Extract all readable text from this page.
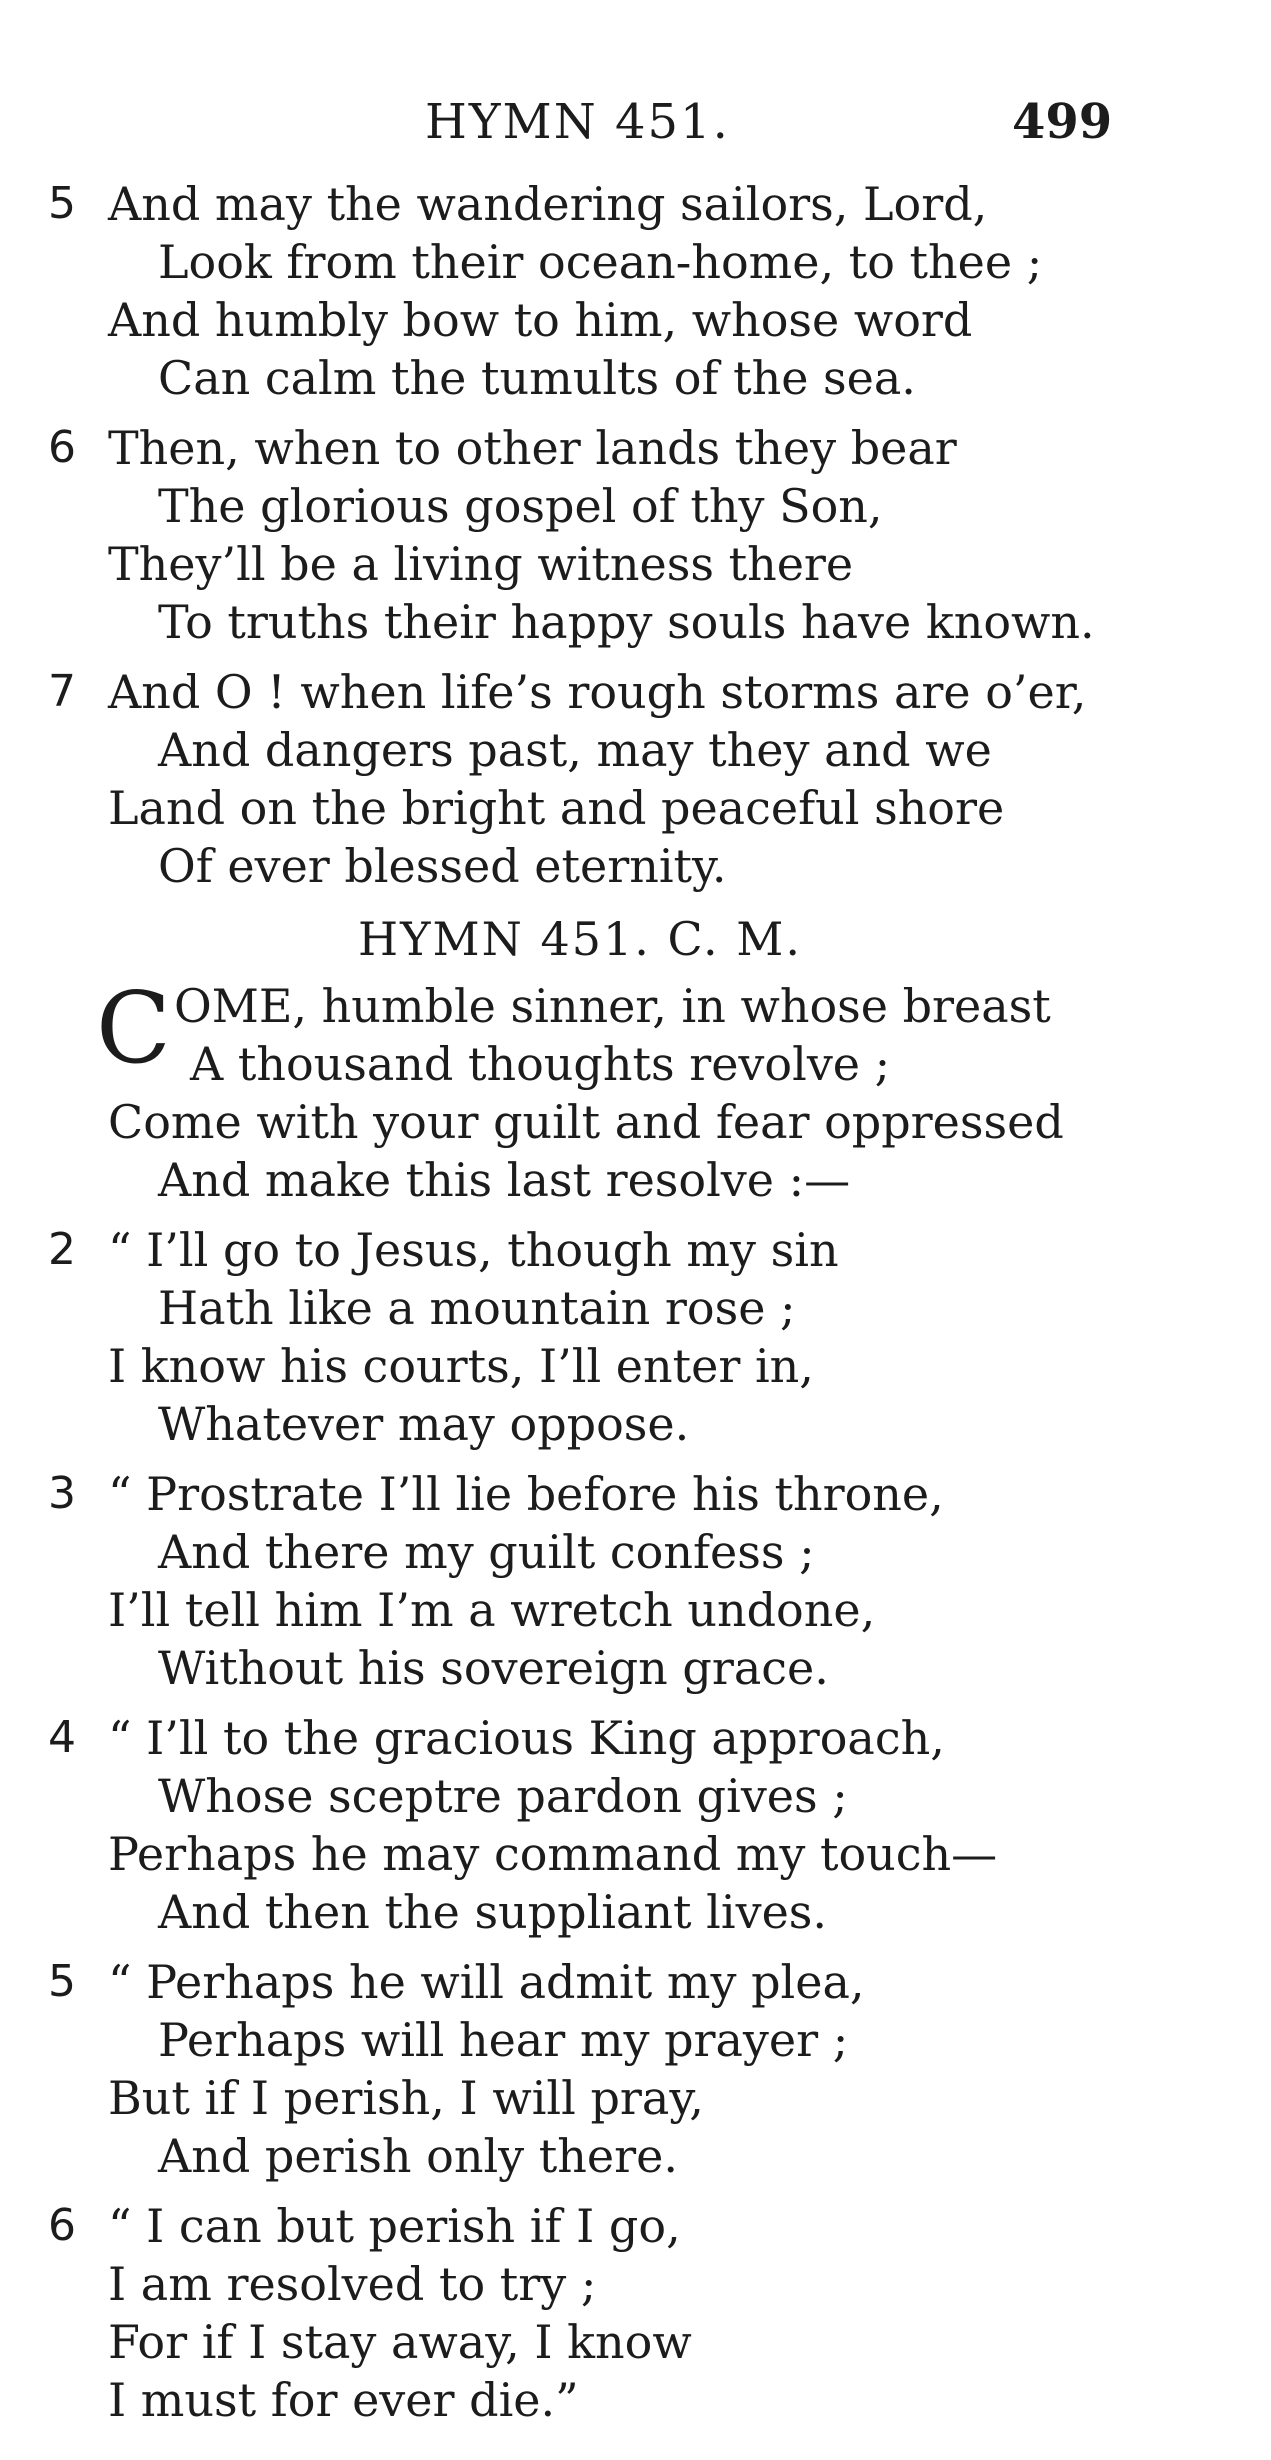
HYMN 451.	499
5 And may the wandering sailors, Lord,
Look from their ocean-home, to thee ;
And humbly bow to him, whose word
Can calm the tumults of the sea.
6 Then, when to other lands they bear
The glorious gospel of thy Son,
They’ll be a living witness there
To truths their happy souls have known.
7 And O ! when life’s rough storms are o’er,
And dangers past, may they and we
Land on the bright and peaceful shore
Of ever blessed eternity.
HYMN 451. C. M.
C OME, humble sinner, in whose breast
A thousand thoughts revolve ;
Come with your guilt and fear oppressed
And make this last resolve :—
2 “ I’ll go to Jesus, though my sin
Hath like a mountain rose ;
I know his courts, I’ll enter in,
Whatever may oppose.
3 “ Prostrate I’ll lie before his throne,
And there my guilt confess ;
I’ll tell him I’m a wretch undone,
Without his sovereign grace.
4 “ I’ll to the gracious King approach,
Whose sceptre pardon gives ;
Perhaps he may command my touch—
And then the suppliant lives.
5 “ Perhaps he will admit my plea,
Perhaps will hear my prayer ;
But if I perish, I will pray,
And perish only there.
6 “ I can but perish if I go,
I am resolved to try ;
For if I stay away, I know
I must for ever die.”
